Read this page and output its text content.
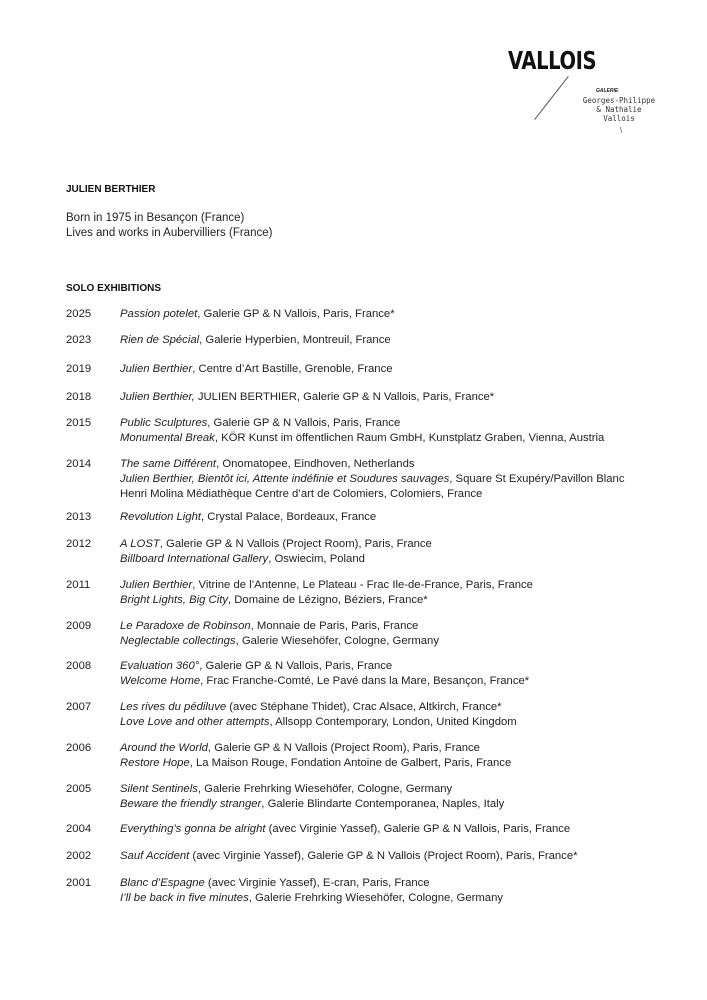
VALLOIS
GALERIE
Georges-Philippe
& Nathalie
Vallois
\
JULIEN BERTHIER
Born in 1975 in Besançon (France)
Lives and works in Aubervilliers (France)
SOLO EXHIBITIONS
2025	Passion potelet, Galerie GP & N Vallois, Paris, France*
2023	Rien de Spécial, Galerie Hyperbien, Montreuil, France
2019	Julien Berthier, Centre d’Art Bastille, Grenoble, France
2018	Julien Berthier, JULIEN BERTHIER, Galerie GP & N Vallois, Paris, France*
2015	Public Sculptures, Galerie GP & N Vallois, Paris, France
Monumental Break, KÖR Kunst im öffentlichen Raum GmbH, Kunstplatz Graben, Vienna, Austria
2014	The same Différent, Onomatopee, Eindhoven, Netherlands
Julien Berthier, Bientôt ici, Attente indéfinie et Soudures sauvages, Square St Exupéry/Pavillon Blanc
Henri Molina Médiathèque Centre d’art de Colomiers, Colomiers, France
2013	Revolution Light, Crystal Palace, Bordeaux, France
2012	A LOST, Galerie GP & N Vallois (Project Room), Paris, France
Billboard International Gallery, Oswiecim, Poland
2011	Julien Berthier, Vitrine de l’Antenne, Le Plateau - Frac Ile-de-France, Paris, France
Bright Lights, Big City, Domaine de Lézigno, Béziers, France*
2009	Le Paradoxe de Robinson, Monnaie de Paris, Paris, France
Neglectable collectings, Galerie Wiesehöfer, Cologne, Germany
2008	Evaluation 360°, Galerie GP & N Vallois, Paris, France
Welcome Home, Frac Franche-Comté, Le Pavé dans la Mare, Besançon, France*
2007	Les rives du pédiluve (avec Stéphane Thidet), Crac Alsace, Altkirch, France*
Love Love and other attempts, Allsopp Contemporary, London, United Kingdom
2006	Around the World, Galerie GP & N Vallois (Project Room), Paris, France
Restore Hope, La Maison Rouge, Fondation Antoine de Galbert, Paris, France
2005	Silent Sentinels, Galerie Frehrking Wiesehöfer, Cologne, Germany
Beware the friendly stranger, Galerie Blindarte Contemporanea, Naples, Italy
2004	Everything’s gonna be alright (avec Virginie Yassef), Galerie GP & N Vallois, Paris, France
2002	Sauf Accident (avec Virginie Yassef), Galerie GP & N Vallois (Project Room), Paris, France*
2001	Blanc d’Espagne (avec Virginie Yassef), E-cran, Paris, France
I’ll be back in five minutes, Galerie Frehrking Wiesehöfer, Cologne, Germany
